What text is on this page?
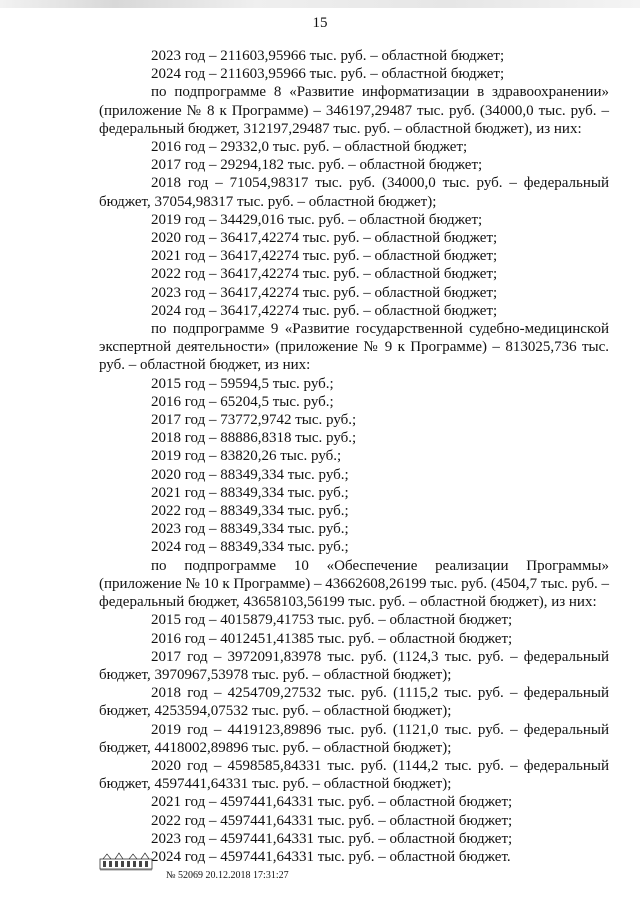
15

2023 год – 211603,95966 тыс. руб. – областной бюджет;

2024 год – 211603,95966 тыс. руб. – областной бюджет;

по подпрограмме 8 «Развитие информатизации в здравоохранении» (приложение № 8 к Программе) – 346197,29487 тыс. руб. (34000,0 тыс. руб. – федеральный бюджет, 312197,29487 тыс. руб. – областной бюджет), из них:

2016 год – 29332,0 тыс. руб. – областной бюджет;

2017 год – 29294,182 тыс. руб. – областной бюджет;

2018 год – 71054,98317 тыс. руб. (34000,0 тыс. руб. – федеральный бюджет, 37054,98317 тыс. руб. – областной бюджет);

2019 год – 34429,016 тыс. руб. – областной бюджет;

2020 год – 36417,42274 тыс. руб. – областной бюджет;

2021 год – 36417,42274 тыс. руб. – областной бюджет;

2022 год – 36417,42274 тыс. руб. – областной бюджет;

2023 год – 36417,42274 тыс. руб. – областной бюджет;

2024 год – 36417,42274 тыс. руб. – областной бюджет;

по подпрограмме 9 «Развитие государственной судебно-медицинской экспертной деятельности» (приложение № 9 к Программе) – 813025,736 тыс. руб. – областной бюджет, из них:

2015 год – 59594,5 тыс. руб.;

2016 год – 65204,5 тыс. руб.;

2017 год – 73772,9742 тыс. руб.;

2018 год – 88886,8318 тыс. руб.;

2019 год – 83820,26 тыс. руб.;

2020 год – 88349,334 тыс. руб.;

2021 год – 88349,334 тыс. руб.;

2022 год – 88349,334 тыс. руб.;

2023 год – 88349,334 тыс. руб.;

2024 год – 88349,334 тыс. руб.;

по подпрограмме 10 «Обеспечение реализации Программы» (приложение № 10 к Программе) – 43662608,26199 тыс. руб. (4504,7 тыс. руб. – федеральный бюджет, 43658103,56199 тыс. руб. – областной бюджет), из них:

2015 год – 4015879,41753 тыс. руб. – областной бюджет;

2016 год – 4012451,41385 тыс. руб. – областной бюджет;

2017 год – 3972091,83978 тыс. руб. (1124,3 тыс. руб. – федеральный бюджет, 3970967,53978 тыс. руб. – областной бюджет);

2018 год – 4254709,27532 тыс. руб. (1115,2 тыс. руб. – федеральный бюджет, 4253594,07532 тыс. руб. – областной бюджет);

2019 год – 4419123,89896 тыс. руб. (1121,0 тыс. руб. – федеральный бюджет, 4418002,89896 тыс. руб. – областной бюджет);

2020 год – 4598585,84331 тыс. руб. (1144,2 тыс. руб. – федеральный бюджет, 4597441,64331 тыс. руб. – областной бюджет);

2021 год – 4597441,64331 тыс. руб. – областной бюджет;

2022 год – 4597441,64331 тыс. руб. – областной бюджет;

2023 год – 4597441,64331 тыс. руб. – областной бюджет;

2024 год – 4597441,64331 тыс. руб. – областной бюджет.

№ 52069 20.12.2018 17:31:27
